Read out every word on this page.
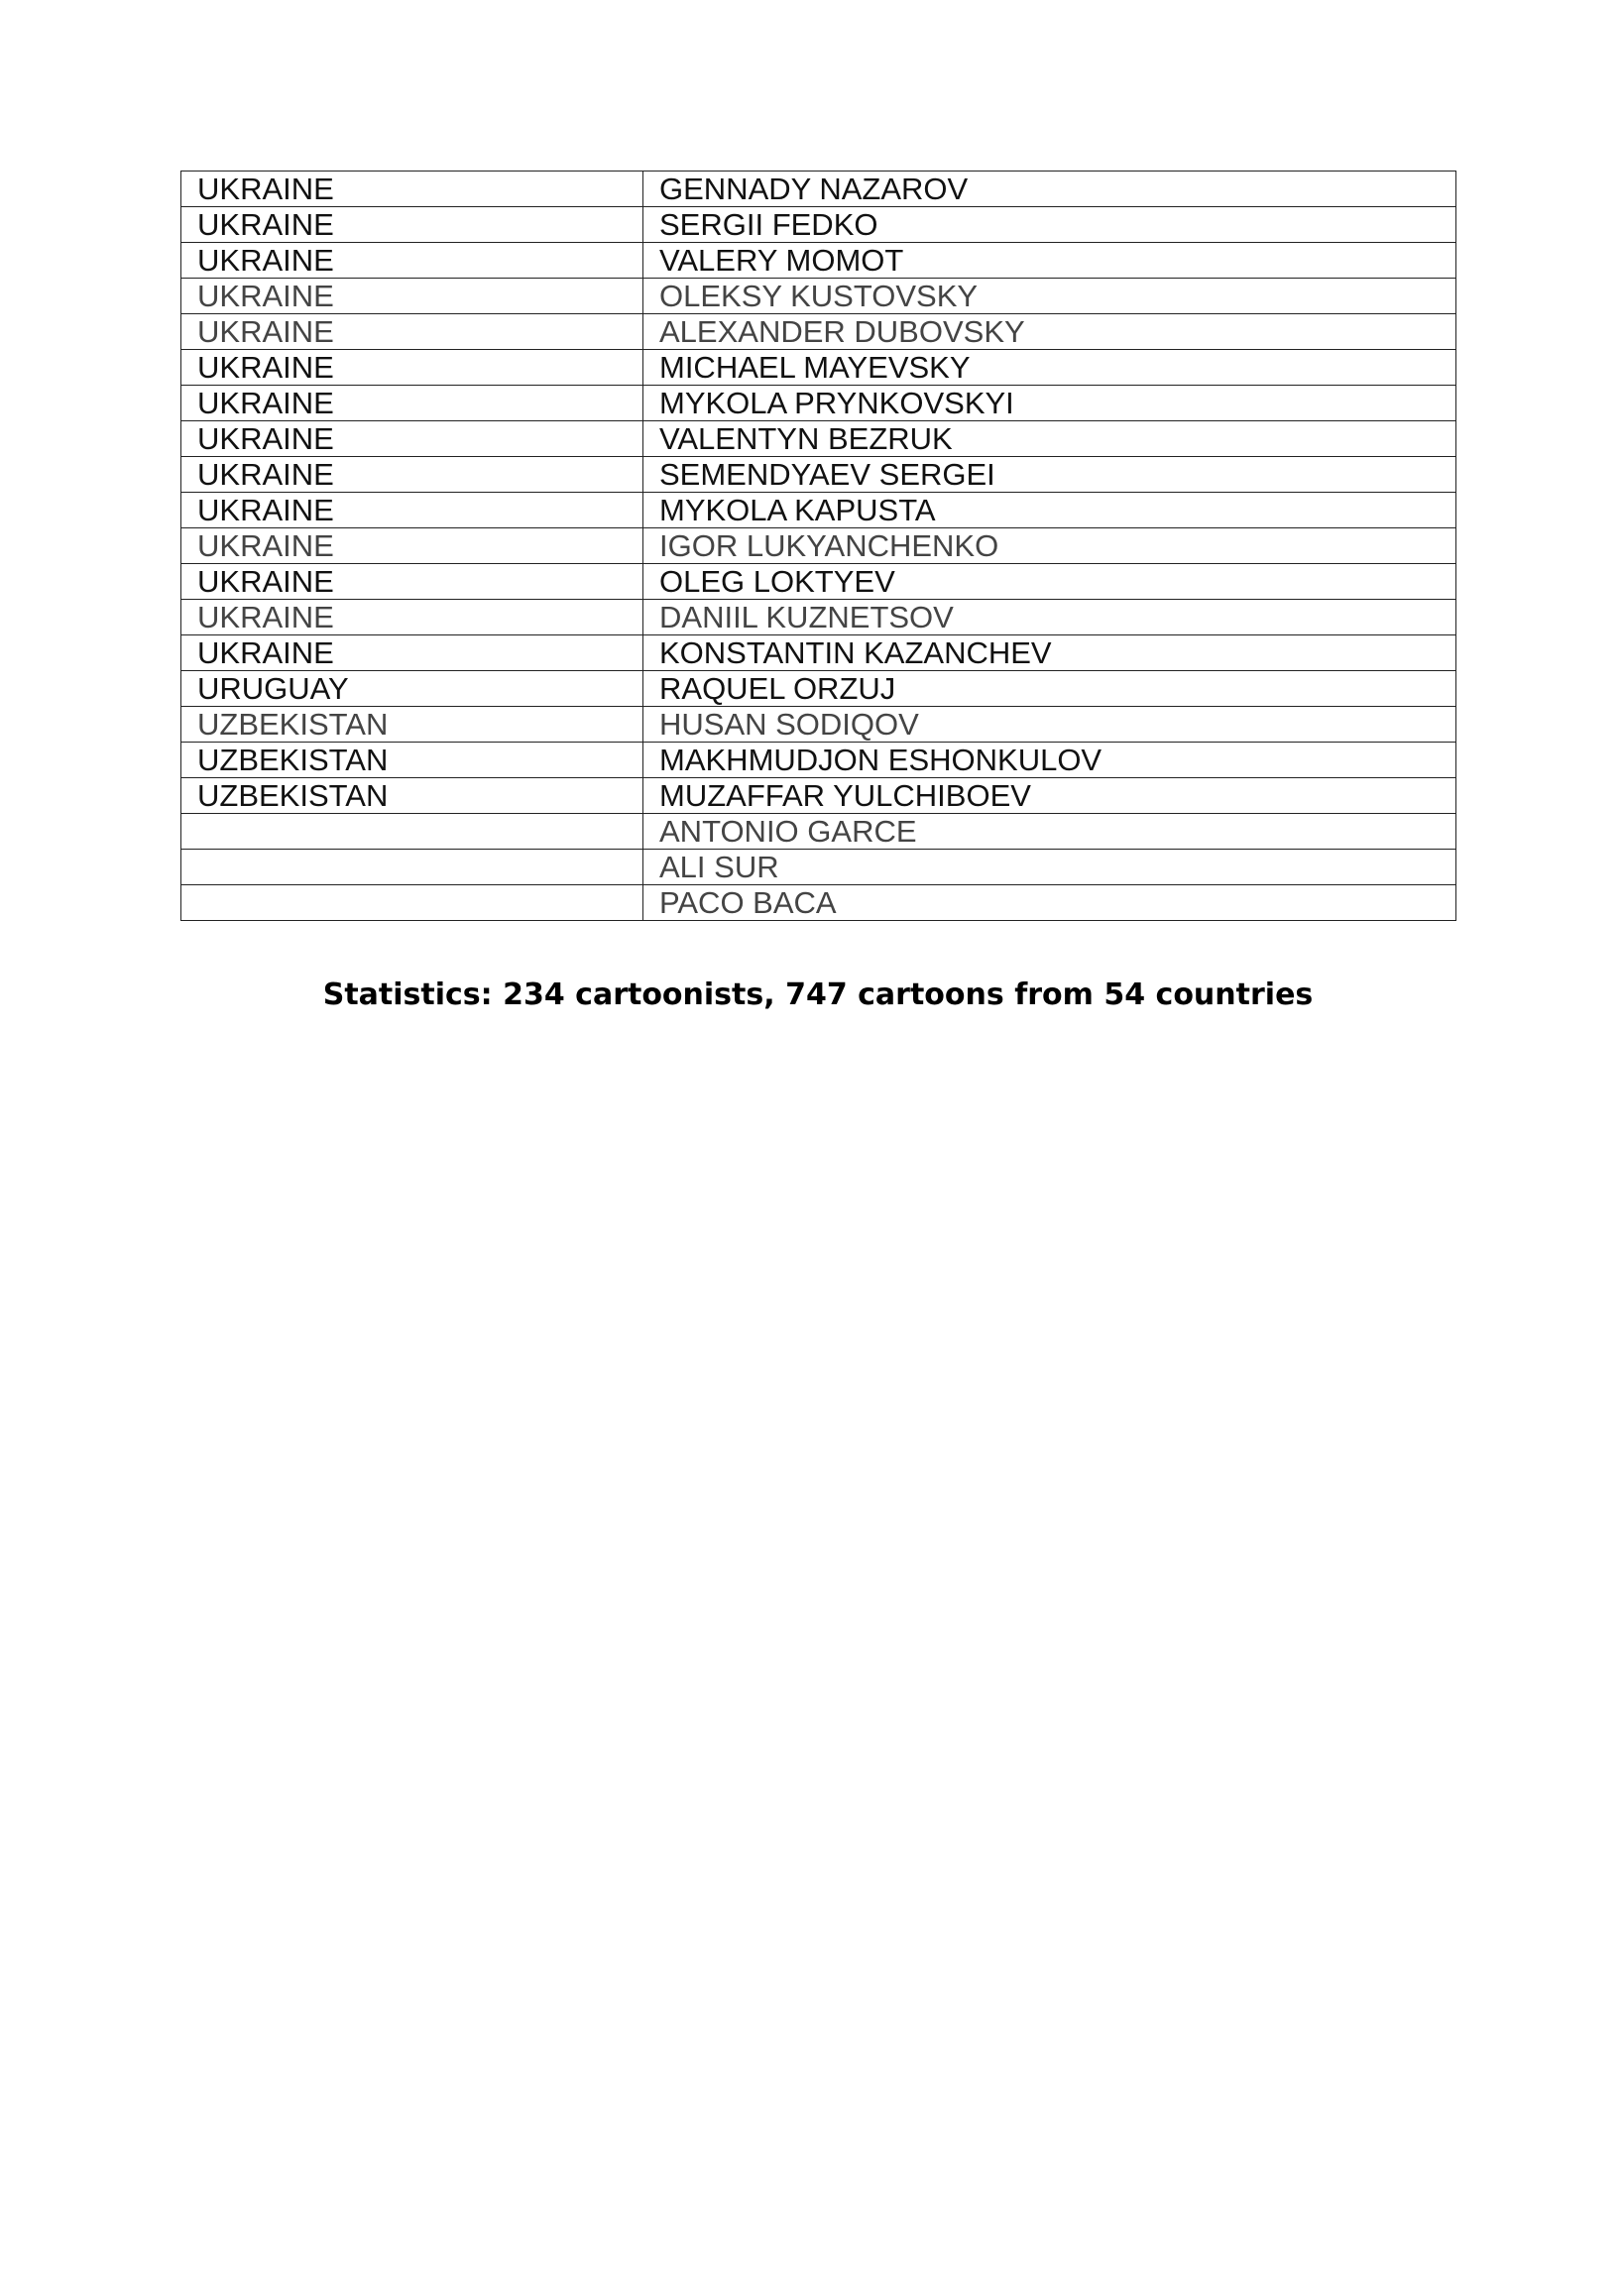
UKRAINE	GENNADY NAZAROV
UKRAINE	SERGII FEDKO
UKRAINE	VALERY MOMOT
UKRAINE	OLEKSY KUSTOVSKY
UKRAINE	ALEXANDER DUBOVSKY
UKRAINE	MICHAEL MAYEVSKY
UKRAINE	MYKOLA PRYNKOVSKYI
UKRAINE	VALENTYN BEZRUK
UKRAINE	SEMENDYAEV SERGEI
UKRAINE	MYKOLA KAPUSTA
UKRAINE	IGOR LUKYANCHENKO
UKRAINE	OLEG LOKTYEV
UKRAINE	DANIIL KUZNETSOV
UKRAINE	KONSTANTIN KAZANCHEV
URUGUAY	RAQUEL ORZUJ
UZBEKISTAN	HUSAN SODIQOV
UZBEKISTAN	MAKHMUDJON ESHONKULOV
UZBEKISTAN	MUZAFFAR YULCHIBOEV
	ANTONIO GARCE
	ALI SUR
	PACO BACA
Statistics: 234 cartoonists, 747 cartoons from 54 countries
